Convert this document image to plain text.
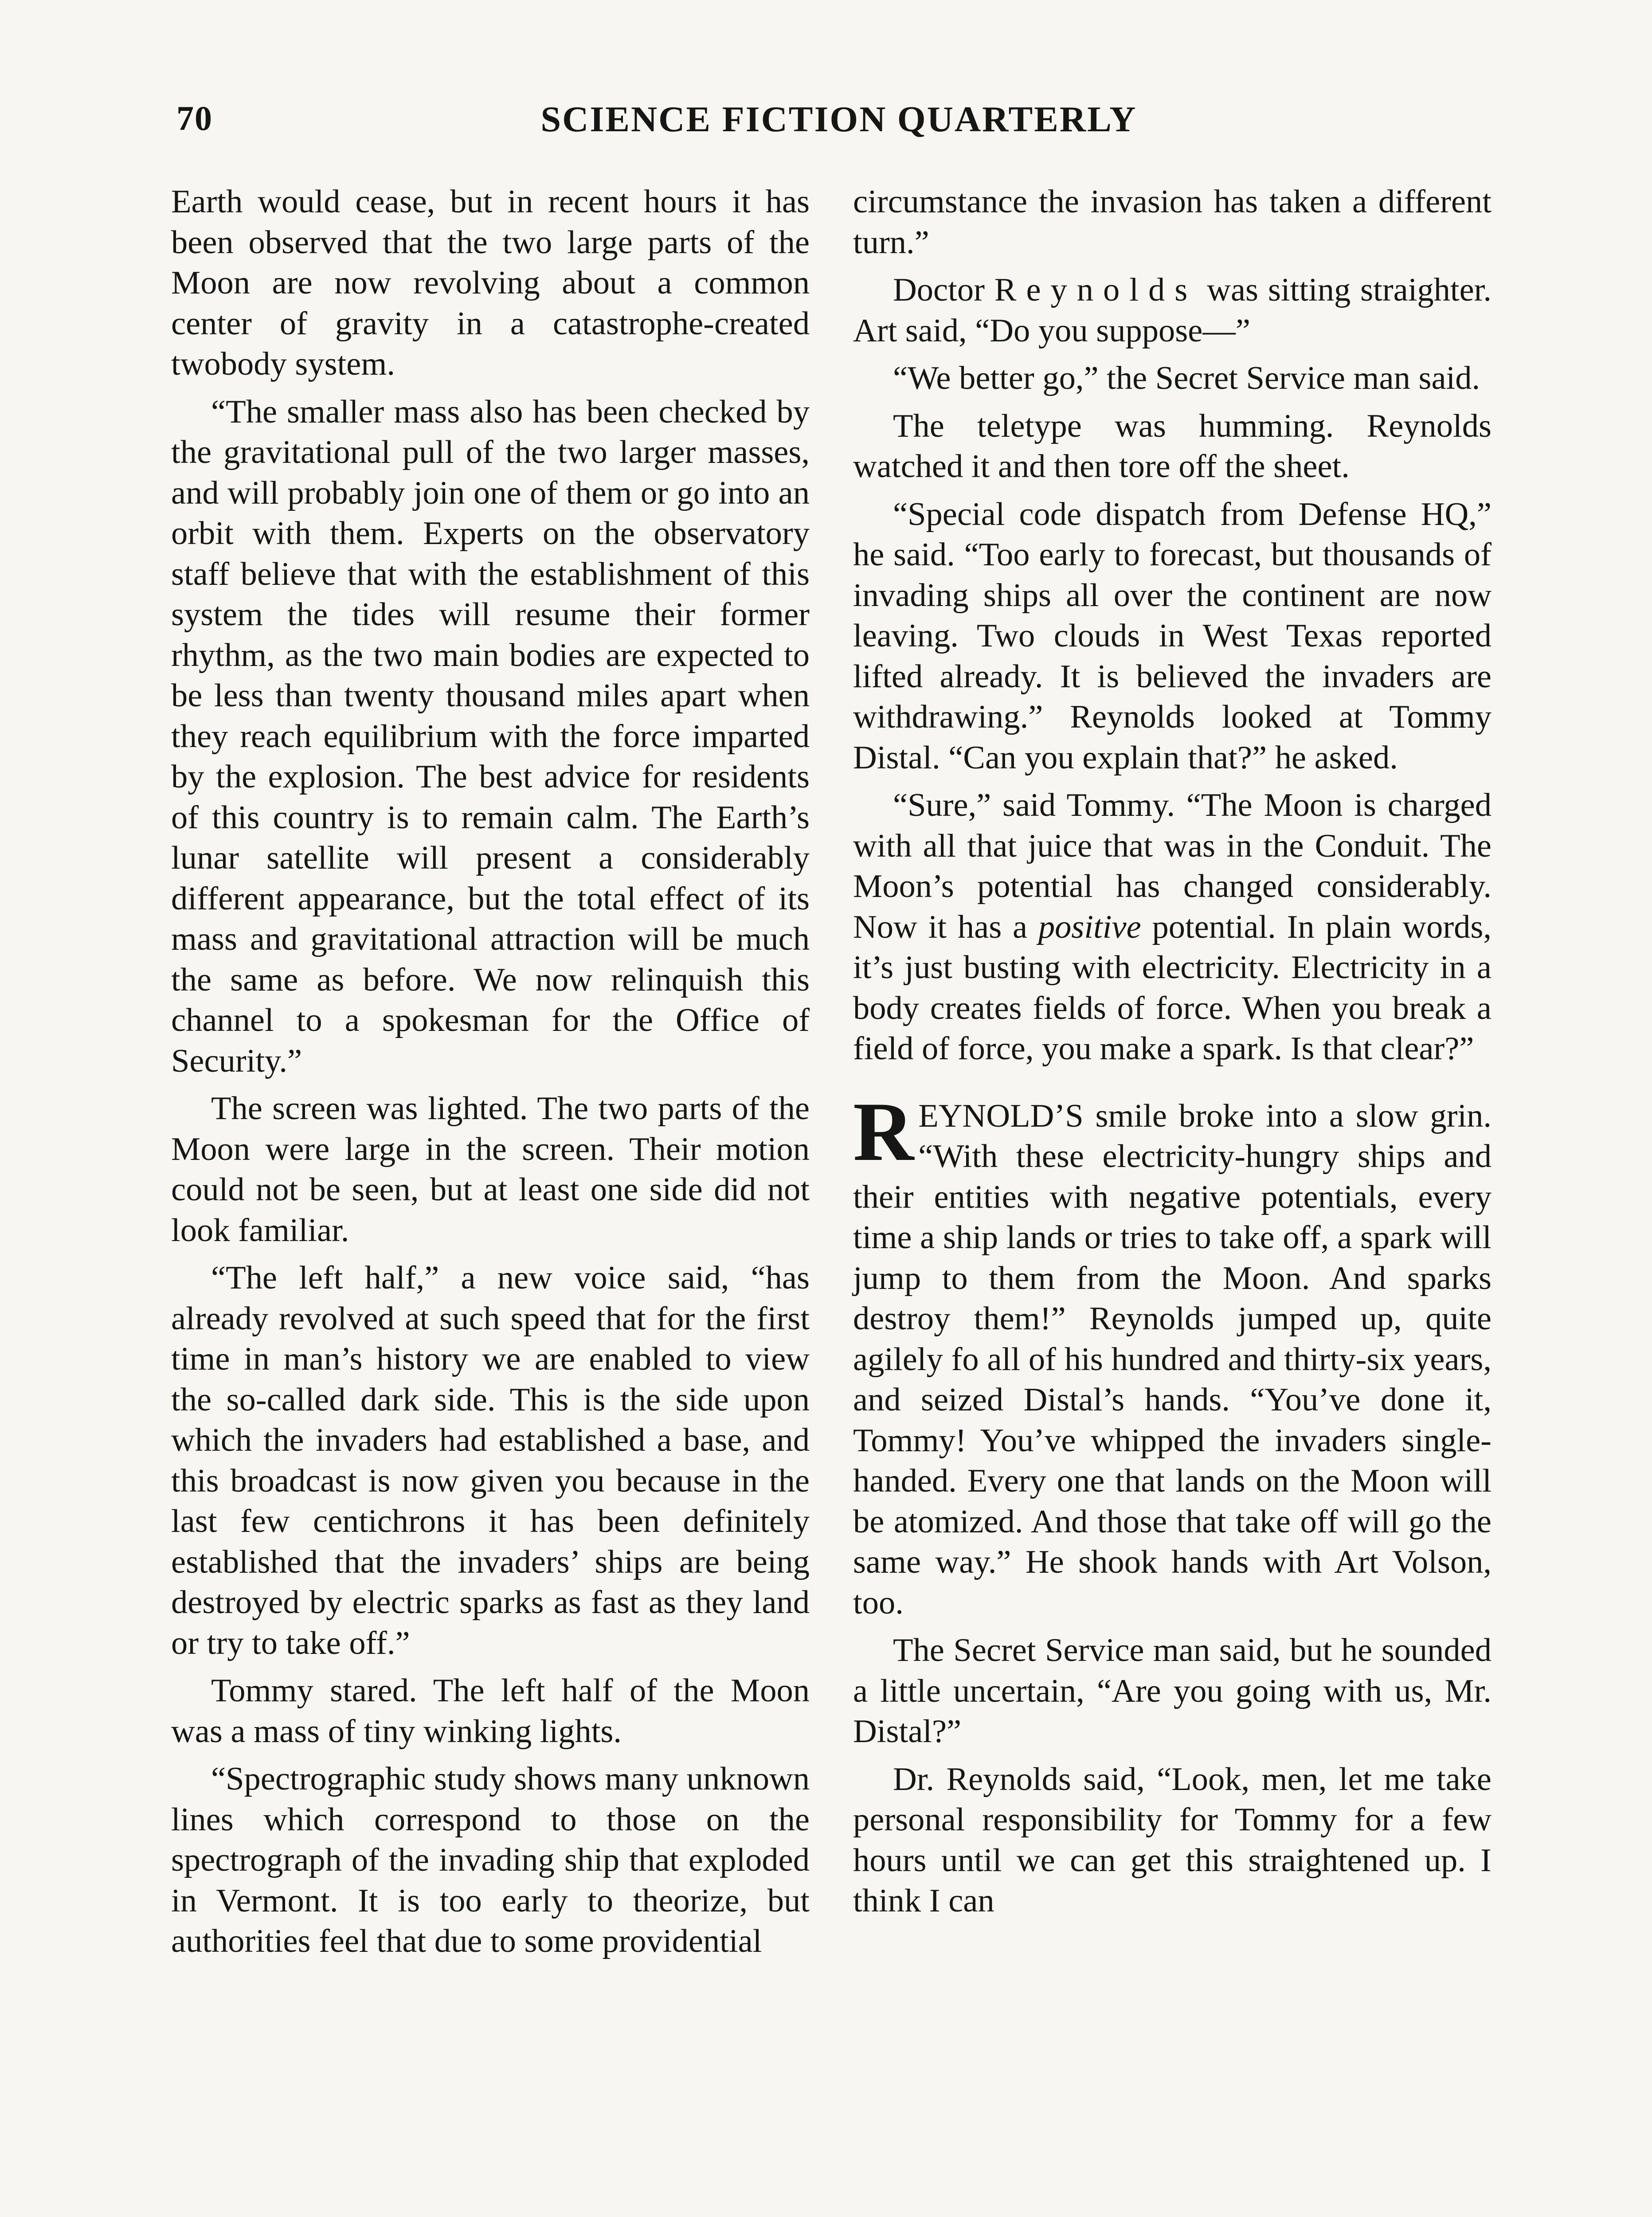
70	SCIENCE FICTION QUARTERLY

Earth would cease, but in recent hours it has been observed that the two large parts of the Moon are now revolving about a common center of gravity in a catastrophe-created twobody system.

“The smaller mass also has been checked by the gravitational pull of the two larger masses, and will probably join one of them or go into an orbit with them. Experts on the observatory staff believe that with the establishment of this system the tides will resume their former rhythm, as the two main bodies are expected to be less than twenty thousand miles apart when they reach equilibrium with the force imparted by the explosion. The best advice for residents of this country is to remain calm. The Earth’s lunar satellite will present a considerably different appearance, but the total effect of its mass and gravitational attraction will be much the same as before. We now relinquish this channel to a spokesman for the Office of Security.”

The screen was lighted. The two parts of the Moon were large in the screen. Their motion could not be seen, but at least one side did not look familiar.

“The left half,” a new voice said, “has already revolved at such speed that for the first time in man’s history we are enabled to view the so-called dark side. This is the side upon which the invaders had established a base, and this broadcast is now given you because in the last few centichrons it has been definitely established that the invaders’ ships are being destroyed by electric sparks as fast as they land or try to take off.”

Tommy stared. The left half of the Moon was a mass of tiny winking lights.

“Spectrographic study shows many unknown lines which correspond to those on the spectrograph of the invading ship that exploded in Vermont. It is too early to theorize, but authorities feel that due to some providential

circumstance the invasion has taken a different turn.”

Doctor Reynolds was sitting straighter. Art said, “Do you suppose—”

“We better go,” the Secret Service man said.

The teletype was humming. Reynolds watched it and then tore off the sheet.

“Special code dispatch from Defense HQ,” he said. “Too early to forecast, but thousands of invading ships all over the continent are now leaving. Two clouds in West Texas reported lifted already. It is believed the invaders are withdrawing.” Reynolds looked at Tommy Distal. “Can you explain that?” he asked.

“Sure,” said Tommy. “The Moon is charged with all that juice that was in the Conduit. The Moon’s potential has changed considerably. Now it has a positive potential. In plain words, it’s just busting with electricity. Electricity in a body creates fields of force. When you break a field of force, you make a spark. Is that clear?”

REYNOLD’S smile broke into a slow grin. “With these electricity-hungry ships and their entities with negative potentials, every time a ship lands or tries to take off, a spark will jump to them from the Moon. And sparks destroy them!” Reynolds jumped up, quite agilely fo all of his hundred and thirty-six years, and seized Distal’s hands. “You’ve done it, Tommy! You’ve whipped the invaders single-handed. Every one that lands on the Moon will be atomized. And those that take off will go the same way.” He shook hands with Art Volson, too.

The Secret Service man said, but he sounded a little uncertain, “Are you going with us, Mr. Distal?”

Dr. Reynolds said, “Look, men, let me take personal responsibility for Tommy for a few hours until we can get this straightened up. I think I can
